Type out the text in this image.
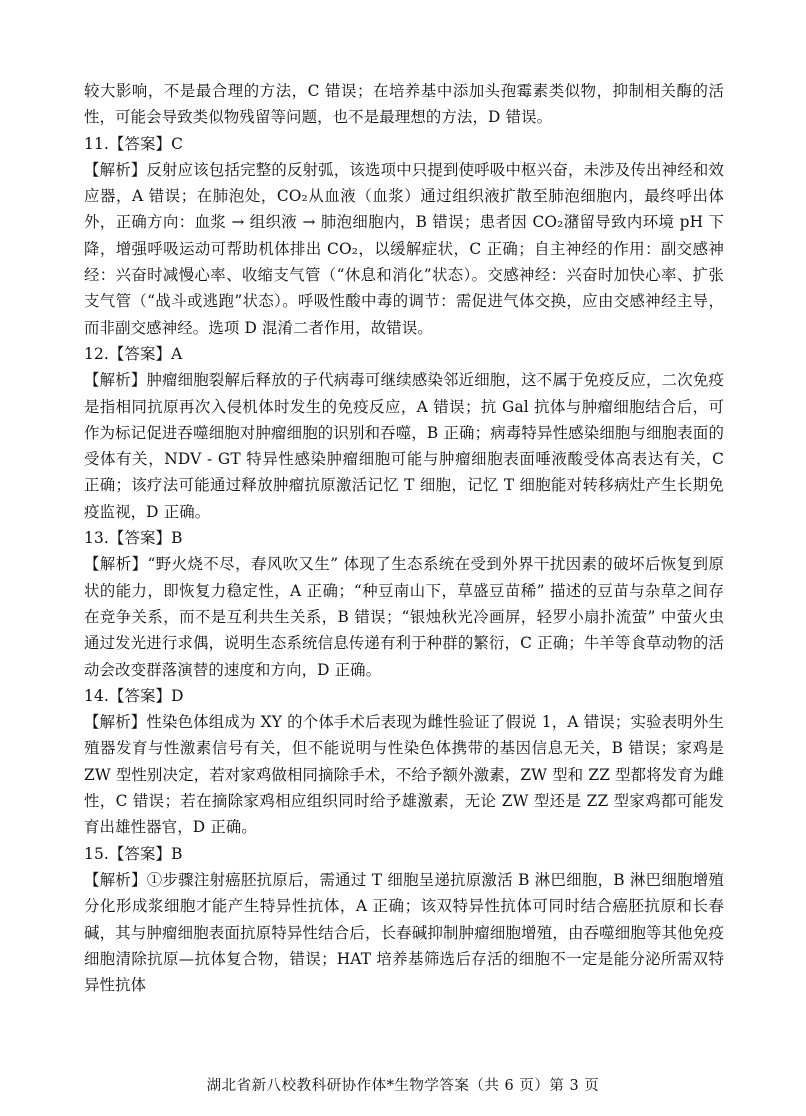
较大影响，不是最合理的方法，C 错误；在培养基中添加头孢霉素类似物，抑制相关酶的活性，可能会导致类似物残留等问题，也不是最理想的方法，D 错误。

11.【答案】C

【解析】反射应该包括完整的反射弧，该选项中只提到使呼吸中枢兴奋，未涉及传出神经和效应器，A 错误；在肺泡处，CO₂从血液（血浆）通过组织液扩散至肺泡细胞内，最终呼出体外，正确方向：血浆 → 组织液 → 肺泡细胞内，B 错误；患者因 CO₂潴留导致内环境 pH 下降，增强呼吸运动可帮助机体排出 CO₂，以缓解症状，C 正确；自主神经的作用：副交感神经：兴奋时减慢心率、收缩支气管（“休息和消化”状态）。交感神经：兴奋时加快心率、扩张支气管（“战斗或逃跑”状态）。呼吸性酸中毒的调节：需促进气体交换，应由交感神经主导，而非副交感神经。选项 D 混淆二者作用，故错误。

12.【答案】A

【解析】肿瘤细胞裂解后释放的子代病毒可继续感染邻近细胞，这不属于免疫反应，二次免疫是指相同抗原再次入侵机体时发生的免疫反应，A 错误；抗 Gal 抗体与肿瘤细胞结合后，可作为标记促进吞噬细胞对肿瘤细胞的识别和吞噬，B 正确；病毒特异性感染细胞与细胞表面的受体有关，NDV - GT 特异性感染肿瘤细胞可能与肿瘤细胞表面唾液酸受体高表达有关，C 正确；该疗法可能通过释放肿瘤抗原激活记忆 T 细胞，记忆 T 细胞能对转移病灶产生长期免疫监视，D 正确。

13.【答案】B

【解析】“野火烧不尽，春风吹又生” 体现了生态系统在受到外界干扰因素的破坏后恢复到原状的能力，即恢复力稳定性，A 正确；“种豆南山下，草盛豆苗稀” 描述的豆苗与杂草之间存在竞争关系，而不是互利共生关系，B 错误；“银烛秋光冷画屏，轻罗小扇扑流萤” 中萤火虫通过发光进行求偶，说明生态系统信息传递有利于种群的繁衍，C 正确；牛羊等食草动物的活动会改变群落演替的速度和方向，D 正确。

14.【答案】D

【解析】性染色体组成为 XY 的个体手术后表现为雌性验证了假说 1，A 错误；实验表明外生殖器发育与性激素信号有关，但不能说明与性染色体携带的基因信息无关，B 错误；家鸡是 ZW 型性别决定，若对家鸡做相同摘除手术，不给予额外激素，ZW 型和 ZZ 型都将发育为雌性，C 错误；若在摘除家鸡相应组织同时给予雄激素，无论 ZW 型还是 ZZ 型家鸡都可能发育出雄性器官，D 正确。

15.【答案】B

【解析】①步骤注射癌胚抗原后，需通过 T 细胞呈递抗原激活 B 淋巴细胞，B 淋巴细胞增殖分化形成浆细胞才能产生特异性抗体，A 正确；该双特异性抗体可同时结合癌胚抗原和长春碱，其与肿瘤细胞表面抗原特异性结合后，长春碱抑制肿瘤细胞增殖，由吞噬细胞等其他免疫细胞清除抗原—抗体复合物，错误；HAT 培养基筛选后存活的细胞不一定是能分泌所需双特异性抗体

湖北省新八校教科研协作体*生物学答案（共 6 页）第 3 页
